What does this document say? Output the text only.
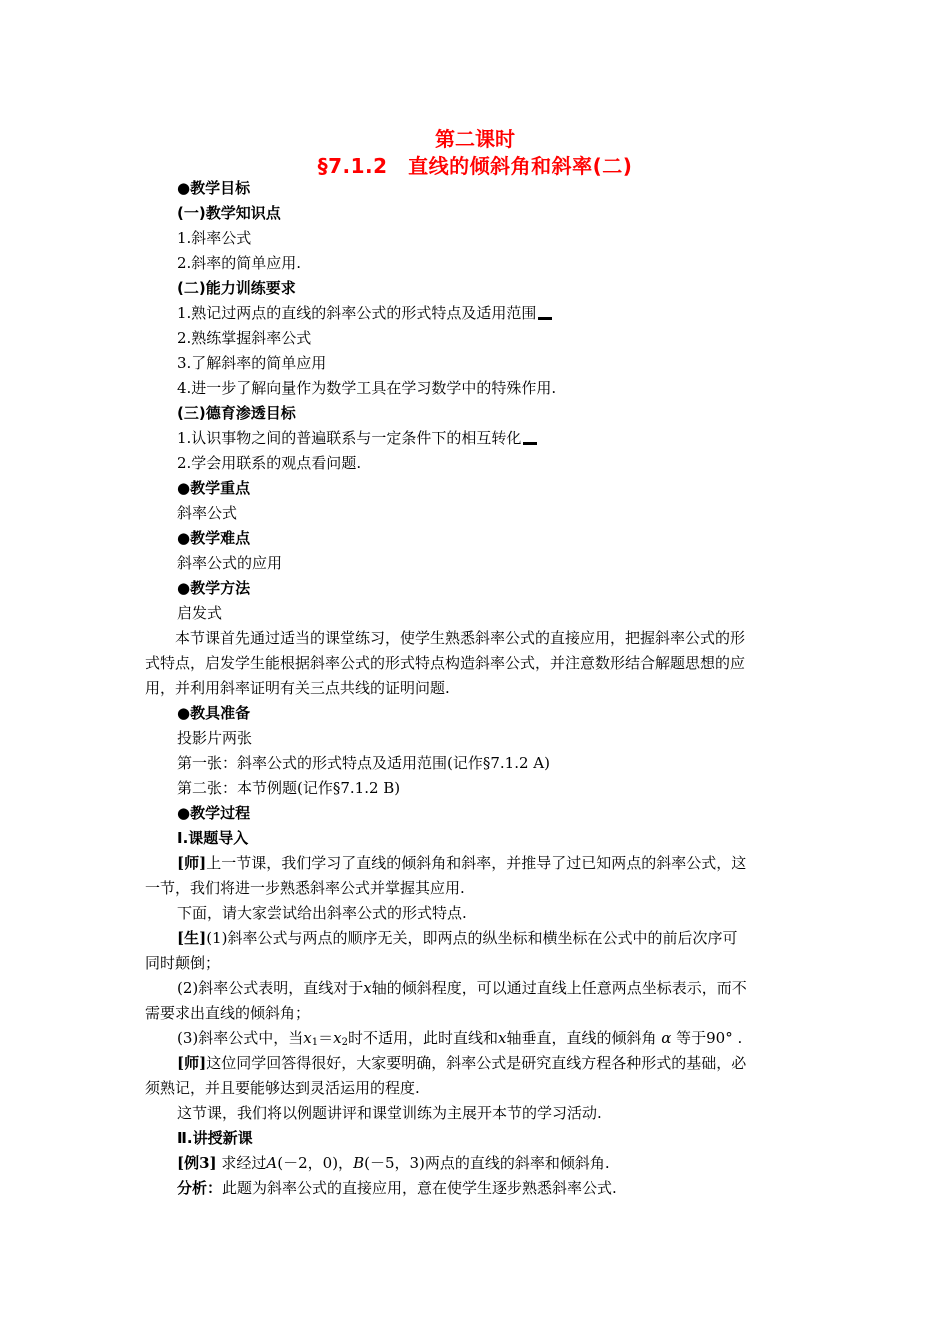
第二课时
§7.1.2　直线的倾斜角和斜率(二)
●教学目标
(一)教学知识点
1.斜率公式
2.斜率的简单应用.
(二)能力训练要求
1.熟记过两点的直线的斜率公式的形式特点及适用范围
2.熟练掌握斜率公式
3.了解斜率的简单应用
4.进一步了解向量作为数学工具在学习数学中的特殊作用.
(三)德育渗透目标
1.认识事物之间的普遍联系与一定条件下的相互转化
2.学会用联系的观点看问题.
●教学重点
斜率公式
●教学难点
斜率公式的应用
●教学方法
启发式
　　本节课首先通过适当的课堂练习，使学生熟悉斜率公式的直接应用，把握斜率公式的形
式特点，启发学生能根据斜率公式的形式特点构造斜率公式，并注意数形结合解题思想的应
用，并利用斜率证明有关三点共线的证明问题.
●教具准备
投影片两张
第一张：斜率公式的形式特点及适用范围(记作§7.1.2 A)
第二张：本节例题(记作§7.1.2 B)
●教学过程
Ⅰ.课题导入
[师]上一节课，我们学习了直线的倾斜角和斜率，并推导了过已知两点的斜率公式，这
一节，我们将进一步熟悉斜率公式并掌握其应用.
下面，请大家尝试给出斜率公式的形式特点.
[生](1)斜率公式与两点的顺序无关，即两点的纵坐标和横坐标在公式中的前后次序可
同时颠倒；
(2)斜率公式表明，直线对于x轴的倾斜程度，可以通过直线上任意两点坐标表示，而不
需要求出直线的倾斜角；
(3)斜率公式中，当$x_1=x_2$时不适用，此时直线和x轴垂直，直线的倾斜角 α 等于90° .
[师]这位同学回答得很好，大家要明确，斜率公式是研究直线方程各种形式的基础，必
须熟记，并且要能够达到灵活运用的程度.
这节课，我们将以例题讲评和课堂训练为主展开本节的学习活动.
Ⅱ.讲授新课
[例3] 求经过A(－2，0)，B(－5，3)两点的直线的斜率和倾斜角.
分析：此题为斜率公式的直接应用，意在使学生逐步熟悉斜率公式.
